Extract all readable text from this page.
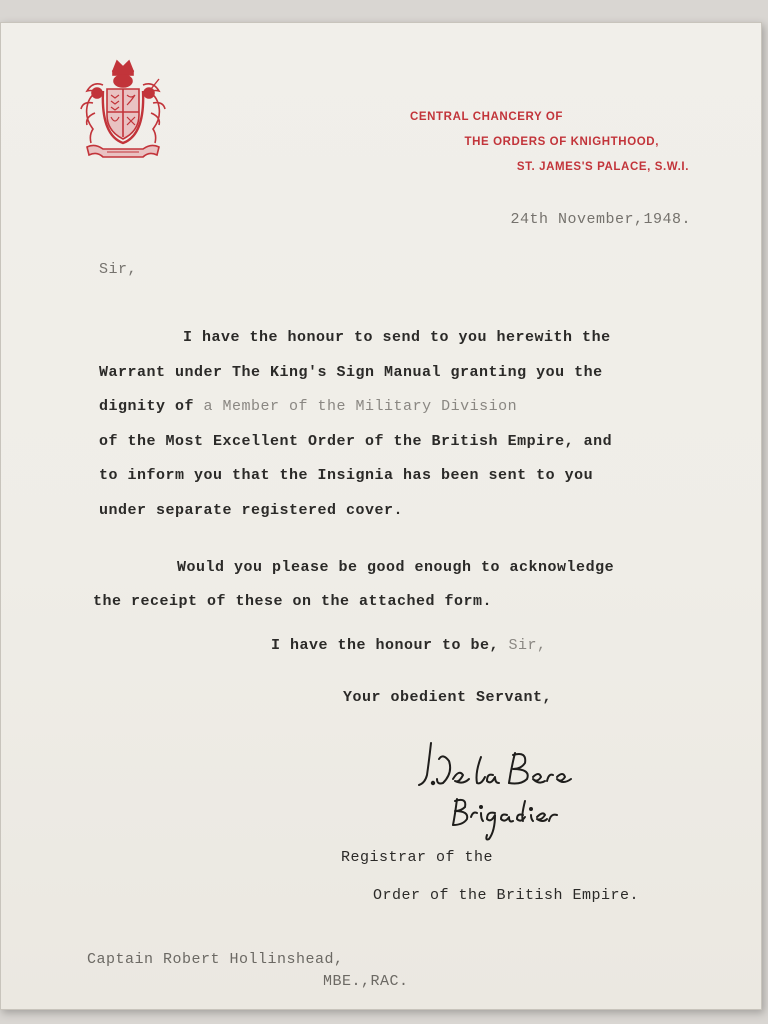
CENTRAL CHANCERY OF
THE ORDERS OF KNIGHTHOOD,
ST. JAMES'S PALACE, S.W.I.
24th November,1948.
Sir,
I have the honour to send to you herewith the
Warrant under The King's Sign Manual granting you the
dignity of a Member of the Military Division
of the Most Excellent Order of the British Empire, and
to inform you that the Insignia has been sent to you
under separate registered cover.
Would you please be good enough to acknowledge
the receipt of these on the attached form.
I have the honour to be, Sir,
Your obedient Servant,
Registrar of the
Order of the British Empire.
Captain Robert Hollinshead,
MBE.,RAC.
